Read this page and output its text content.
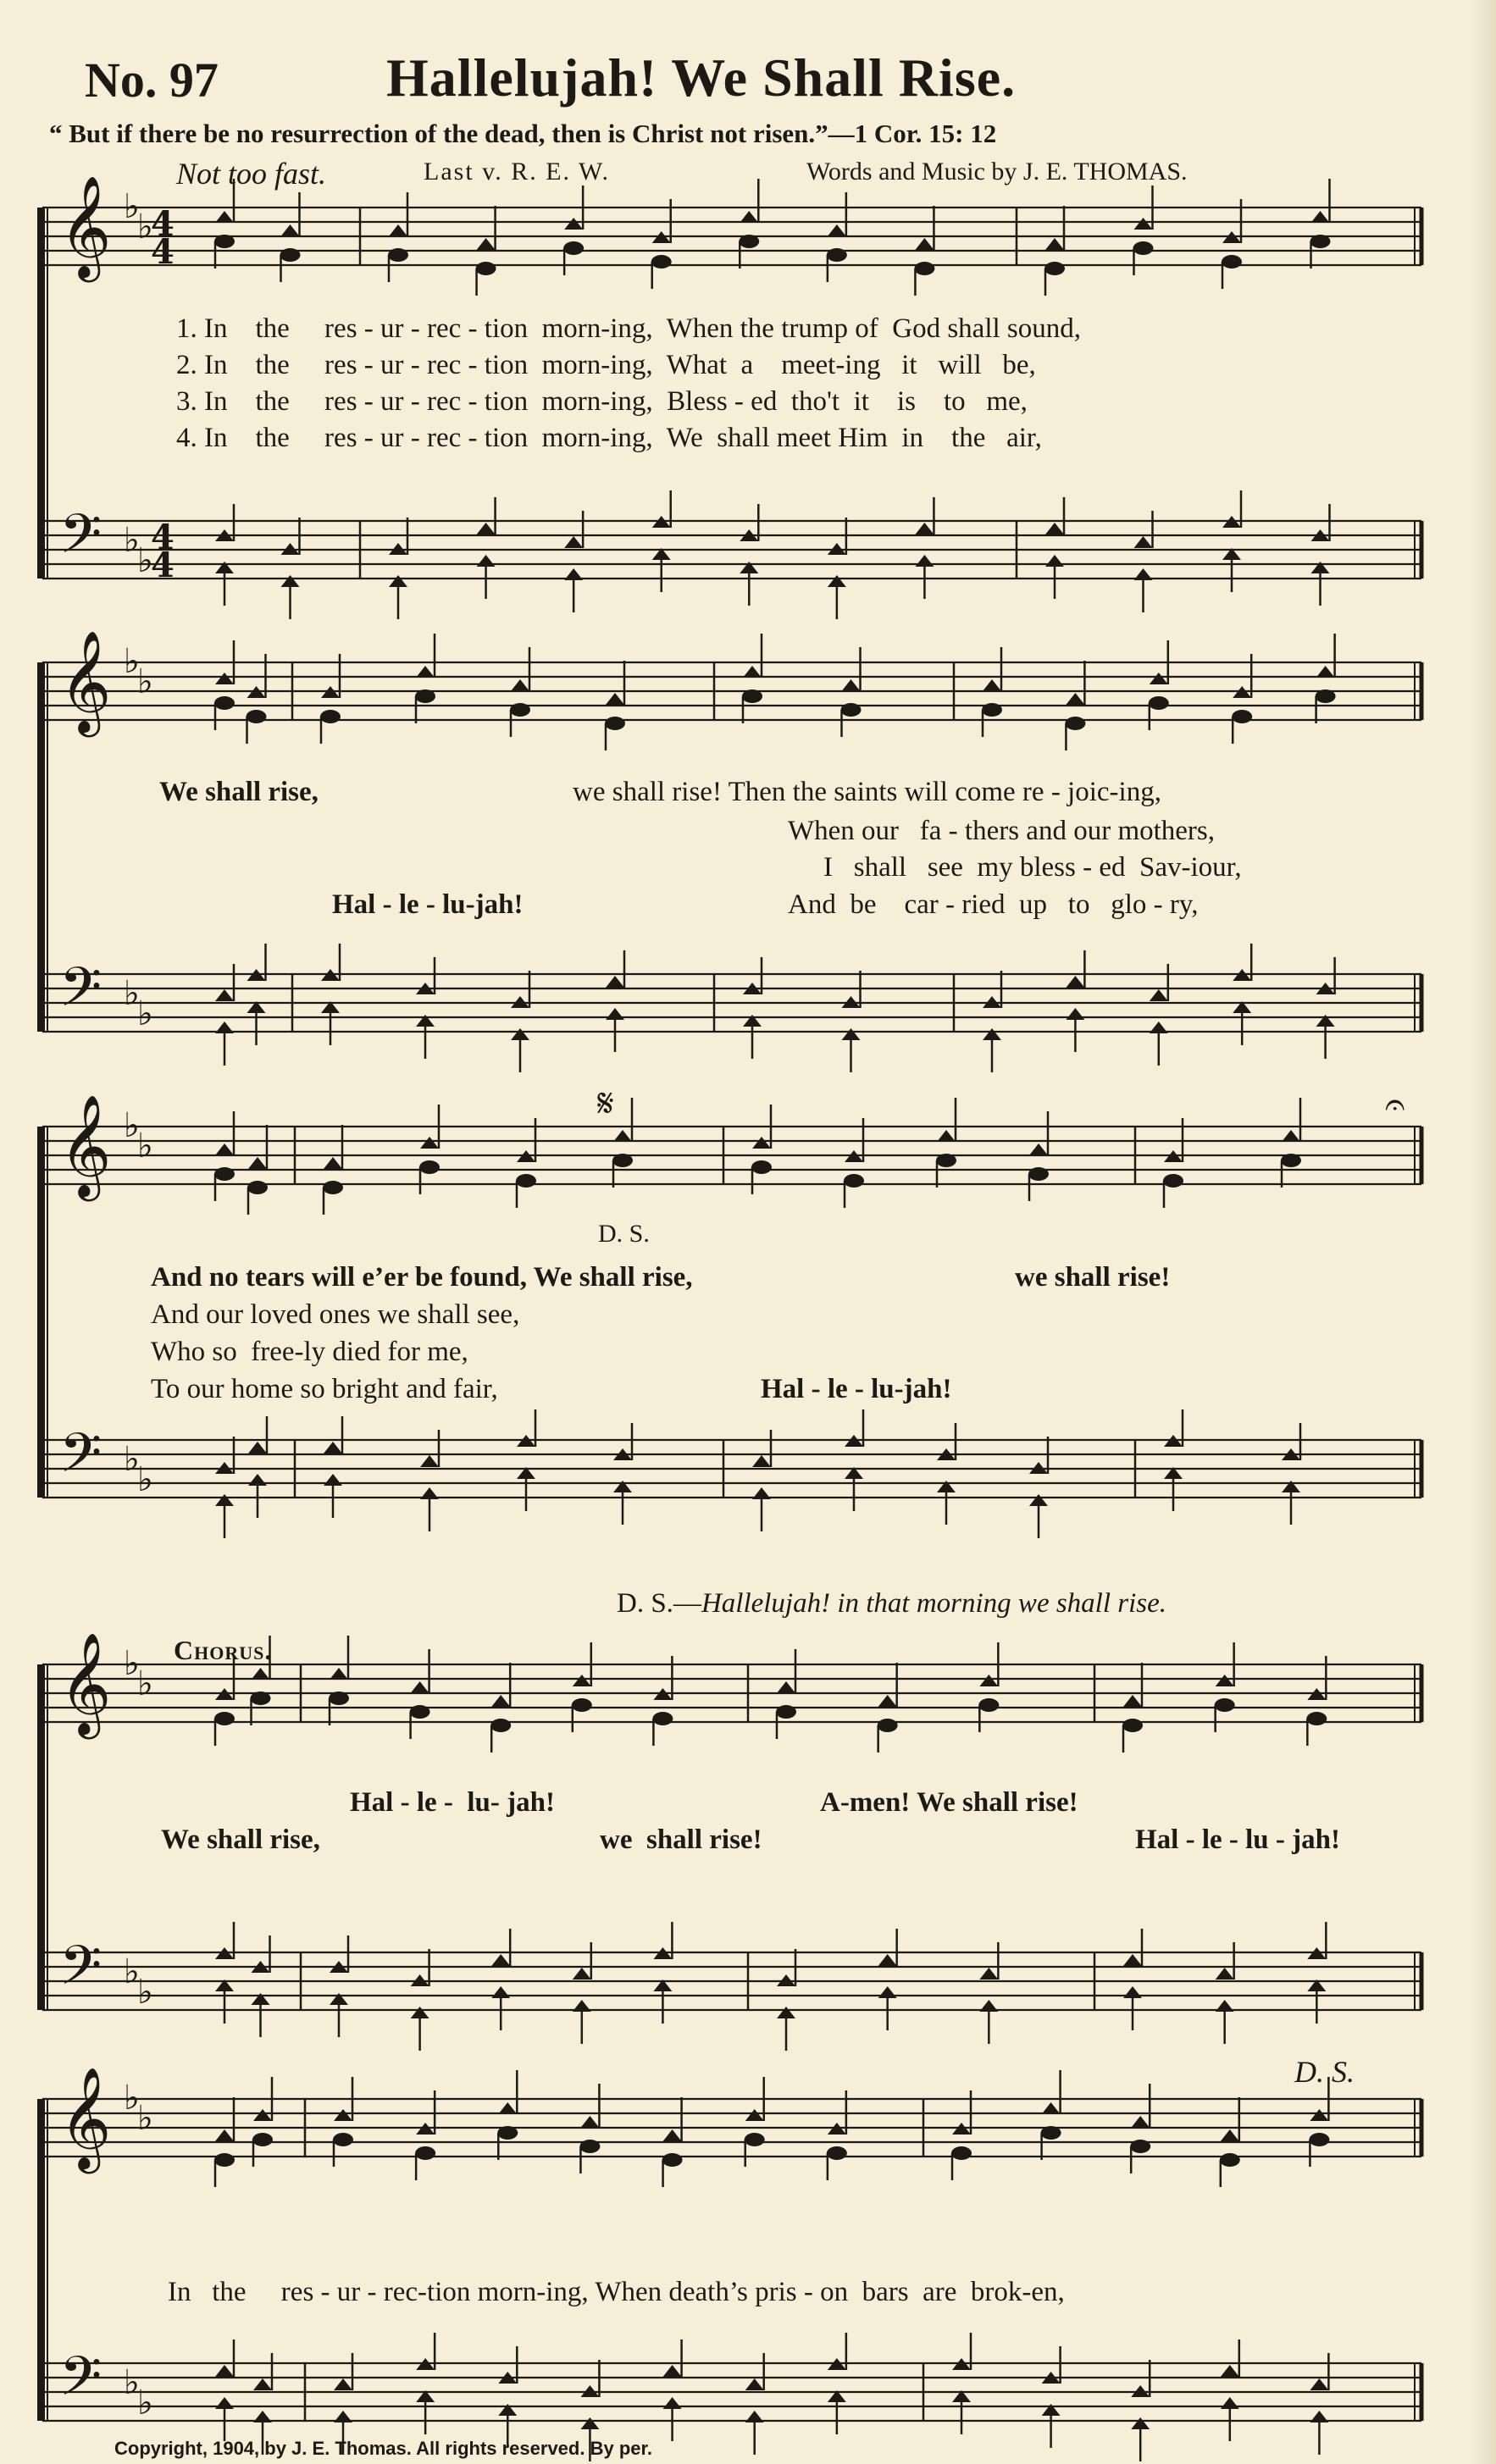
No. 97	Hallelujah! We Shall Rise.
“ But if there be no resurrection of the dead, then is Christ not risen.”—1 Cor. 15: 12
Not too fast.	Last v. R. E. W.	Words and Music by J. E. THOMAS.
𝄞 ♭
♭
𝄢 ♭
♭
4
4
4
4
𝄞 ♭
♭
𝄢 ♭
♭
𝄞 ♭
♭
𝄢 ♭
♭
𝄞 ♭
♭
𝄢 ♭
♭
𝄞 ♭
♭
𝄢 ♭
♭
𝄋	𝄐
1. In    the     res - ur - rec - tion  morn-ing,  When the trump of  God shall sound,
2. In    the     res - ur - rec - tion  morn-ing,  What  a    meet-ing   it   will   be,
3. In    the     res - ur - rec - tion  morn-ing,  Bless - ed  tho't  it    is    to   me,
4. In    the     res - ur - rec - tion  morn-ing,  We  shall meet Him  in    the   air,
We shall rise,	we shall rise! Then the saints will come re - joic-ing,
When our   fa - thers and our mothers,
I   shall   see  my bless - ed  Sav-iour,
Hal - le - lu-jah!	And  be    car - ried  up   to   glo - ry,
D. S.
And no tears will e’er be found, We shall rise,	we shall rise!
And our loved ones we shall see,
Who so  free-ly died for me,
To our home so bright and fair,	Hal - le - lu-jah!
D. S.—Hallelujah! in that morning we shall rise.
Chorus.
Hal - le -  lu- jah!	A-men! We shall rise!
We shall rise,	we  shall rise!	Hal - le - lu - jah!
D. S.
In   the     res - ur - rec-tion morn-ing, When death’s pris - on  bars  are  brok-en,
Copyright, 1904, by J. E. Thomas. All rights reserved. By per.
